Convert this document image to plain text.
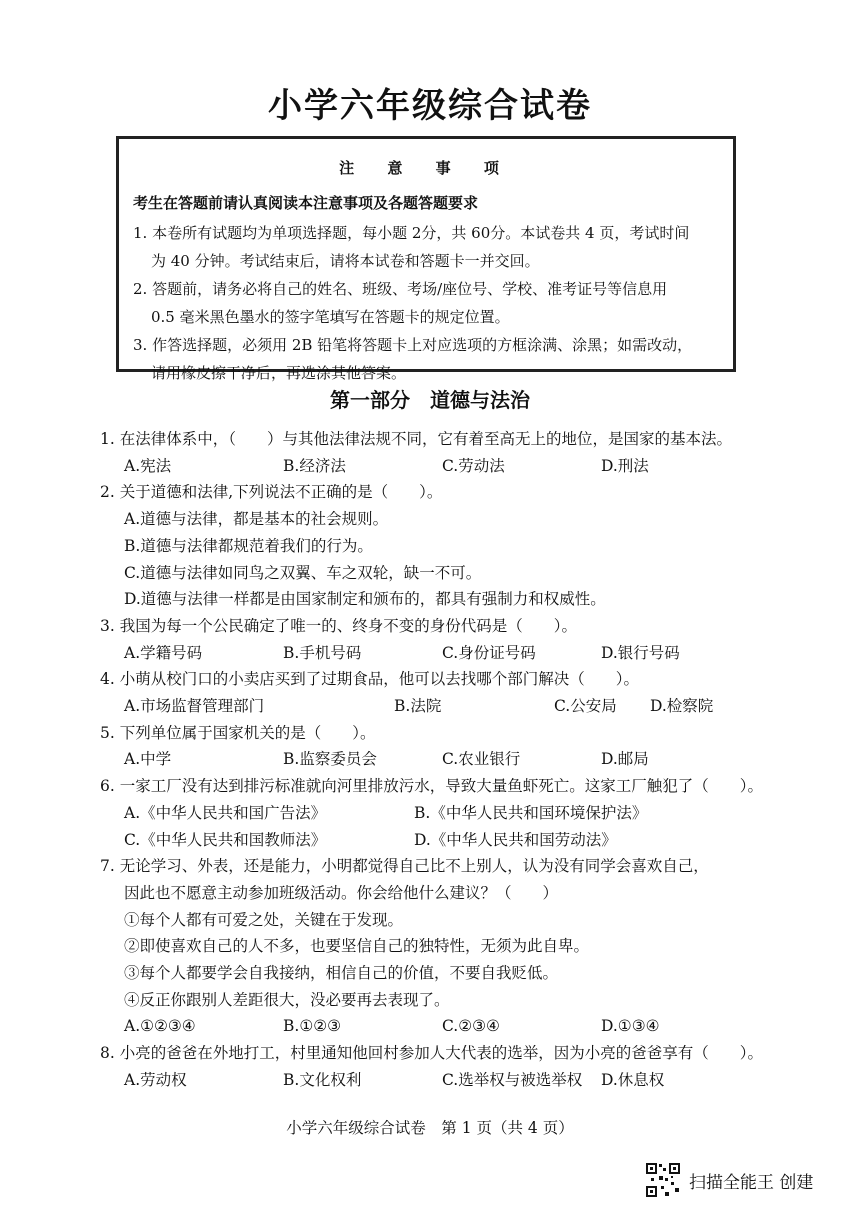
小学六年级综合试卷
注 意 事 项
考生在答题前请认真阅读本注意事项及各题答题要求
1. 本卷所有试题均为单项选择题，每小题 2分，共 60分。本试卷共 4 页，考试时间
为 40 分钟。考试结束后，请将本试卷和答题卡一并交回。
2. 答题前，请务必将自己的姓名、班级、考场/座位号、学校、准考证号等信息用
0.5 毫米黑色墨水的签字笔填写在答题卡的规定位置。
3. 作答选择题，必须用 2B 铅笔将答题卡上对应选项的方框涂满、涂黑；如需改动，
请用橡皮擦干净后，再选涂其他答案。
第一部分　道德与法治
1. 在法律体系中，（　　）与其他法律法规不同，它有着至高无上的地位，是国家的基本法。
A.宪法	B.经济法	C.劳动法	D.刑法
2. 关于道德和法律,下列说法不正确的是（　　）。
A.道德与法律，都是基本的社会规则。
B.道德与法律都规范着我们的行为。
C.道德与法律如同鸟之双翼、车之双轮，缺一不可。
D.道德与法律一样都是由国家制定和颁布的，都具有强制力和权威性。
3. 我国为每一个公民确定了唯一的、终身不变的身份代码是（　　）。
A.学籍号码	B.手机号码	C.身份证号码	D.银行号码
4. 小萌从校门口的小卖店买到了过期食品，他可以去找哪个部门解决（　　）。
A.市场监督管理部门	B.法院	C.公安局	D.检察院
5. 下列单位属于国家机关的是（　　）。
A.中学	B.监察委员会	C.农业银行	D.邮局
6. 一家工厂没有达到排污标准就向河里排放污水，导致大量鱼虾死亡。这家工厂触犯了（　　）。
A.《中华人民共和国广告法》	B.《中华人民共和国环境保护法》
C.《中华人民共和国教师法》	D.《中华人民共和国劳动法》
7. 无论学习、外表，还是能力，小明都觉得自己比不上别人，认为没有同学会喜欢自己，
因此也不愿意主动参加班级活动。你会给他什么建议？（　　）
①每个人都有可爱之处，关键在于发现。
②即使喜欢自己的人不多，也要坚信自己的独特性，无须为此自卑。
③每个人都要学会自我接纳，相信自己的价值，不要自我贬低。
④反正你跟别人差距很大，没必要再去表现了。
A.①②③④	B.①②③	C.②③④	D.①③④
8. 小亮的爸爸在外地打工，村里通知他回村参加人大代表的选举，因为小亮的爸爸享有（　　）。
A.劳动权	B.文化权利	C.选举权与被选举权	D.休息权
小学六年级综合试卷　第 1 页（共 4 页）
扫描全能王 创建
